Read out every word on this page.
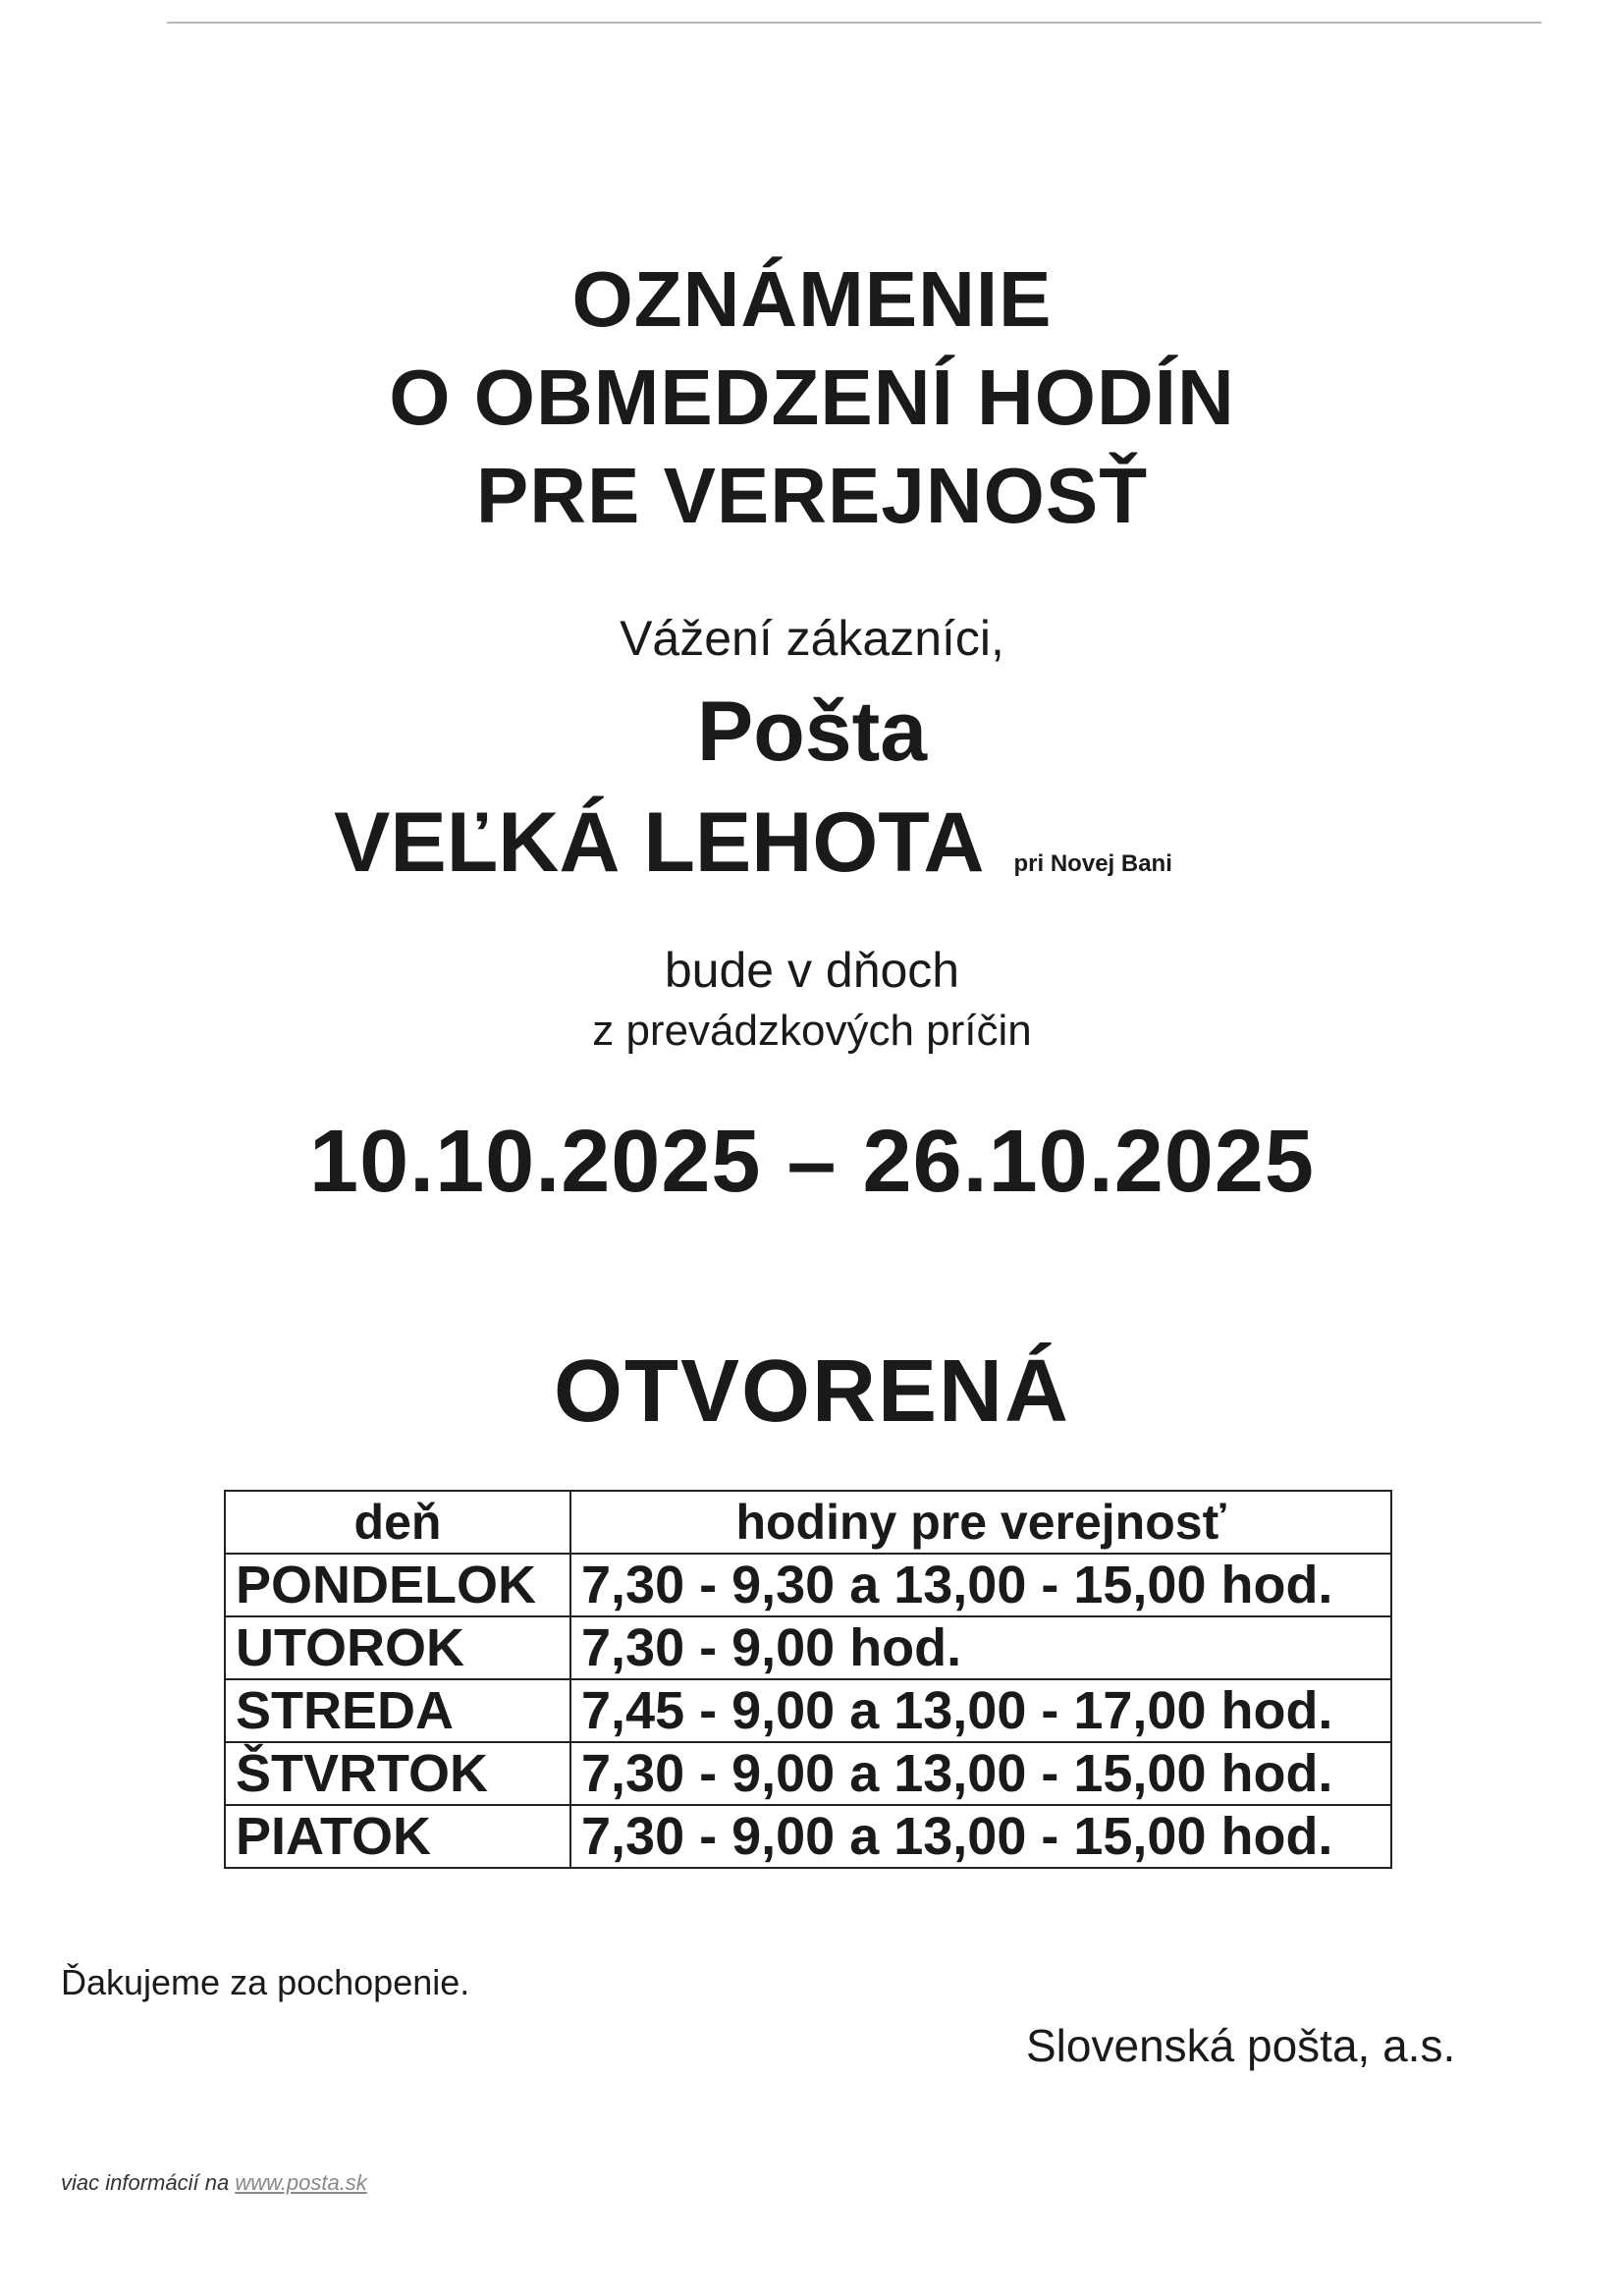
OZNÁMENIE
O OBMEDZENÍ HODÍN
PRE VEREJNOSŤ
Vážení zákazníci,
Pošta
VEĽKÁ LEHOTA pri Novej Bani
bude v dňoch
z prevádzkových príčin
10.10.2025 – 26.10.2025
OTVORENÁ
deň	hodiny pre verejnosť
PONDELOK	7,30 - 9,30 a 13,00 - 15,00 hod.
UTOROK	7,30 - 9,00 hod.
STREDA	7,45 - 9,00 a 13,00 - 17,00 hod.
ŠTVRTOK	7,30 - 9,00 a 13,00 - 15,00 hod.
PIATOK	7,30 - 9,00 a 13,00 - 15,00 hod.
Ďakujeme za pochopenie.
Slovenská pošta, a.s.
viac informácií na www.posta.sk
